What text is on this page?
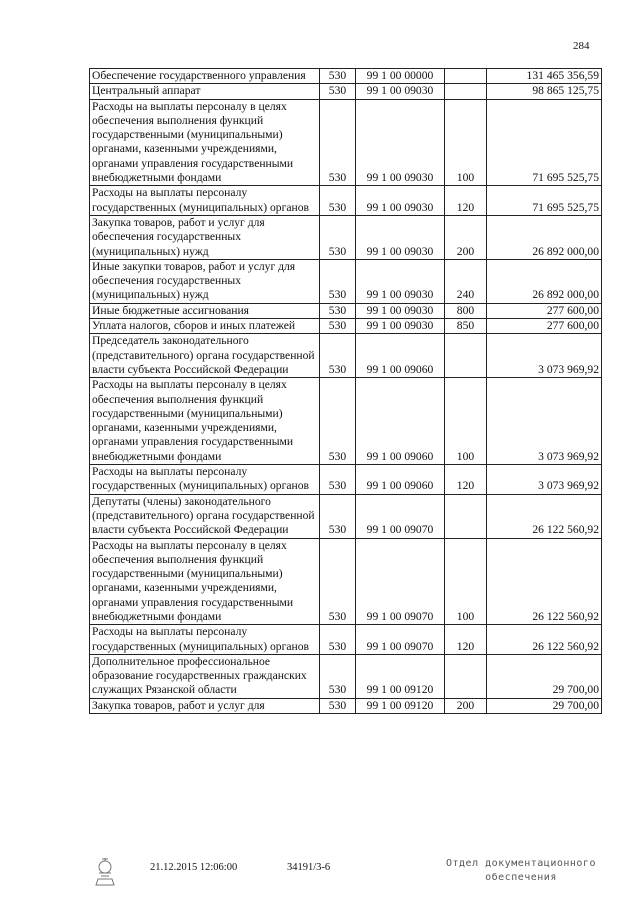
284
Обеспечение государственного управления	530	99 1 00 00000		131 465 356,59
Центральный аппарат	530	99 1 00 09030		98 865 125,75
Расходы на выплаты персоналу в целях обеспечения выполнения функций государственными (муниципальными) органами, казенными учреждениями, органами управления государственными внебюджетными фондами	530	99 1 00 09030	100	71 695 525,75
Расходы на выплаты персоналу государственных (муниципальных) органов	530	99 1 00 09030	120	71 695 525,75
Закупка товаров, работ и услуг для обеспечения государственных (муниципальных) нужд	530	99 1 00 09030	200	26 892 000,00
Иные закупки товаров, работ и услуг для обеспечения государственных (муниципальных) нужд	530	99 1 00 09030	240	26 892 000,00
Иные бюджетные ассигнования	530	99 1 00 09030	800	277 600,00
Уплата налогов, сборов и иных платежей	530	99 1 00 09030	850	277 600,00
Председатель законодательного (представительного) органа государственной власти субъекта Российской Федерации	530	99 1 00 09060		3 073 969,92
Расходы на выплаты персоналу в целях обеспечения выполнения функций государственными (муниципальными) органами, казенными учреждениями, органами управления государственными внебюджетными фондами	530	99 1 00 09060	100	3 073 969,92
Расходы на выплаты персоналу государственных (муниципальных) органов	530	99 1 00 09060	120	3 073 969,92
Депутаты (члены) законодательного (представительного) органа государственной власти субъекта Российской Федерации	530	99 1 00 09070		26 122 560,92
Расходы на выплаты персоналу в целях обеспечения выполнения функций государственными (муниципальными) органами, казенными учреждениями, органами управления государственными внебюджетными фондами	530	99 1 00 09070	100	26 122 560,92
Расходы на выплаты персоналу государственных (муниципальных) органов	530	99 1 00 09070	120	26 122 560,92
Дополнительное профессиональное образование государственных гражданских служащих Рязанской области	530	99 1 00 09120		29 700,00
Закупка товаров, работ и услуг для	530	99 1 00 09120	200	29 700,00
21.12.2015 12:06:00	34191/3-6	Отдел документационного
обеспечения
